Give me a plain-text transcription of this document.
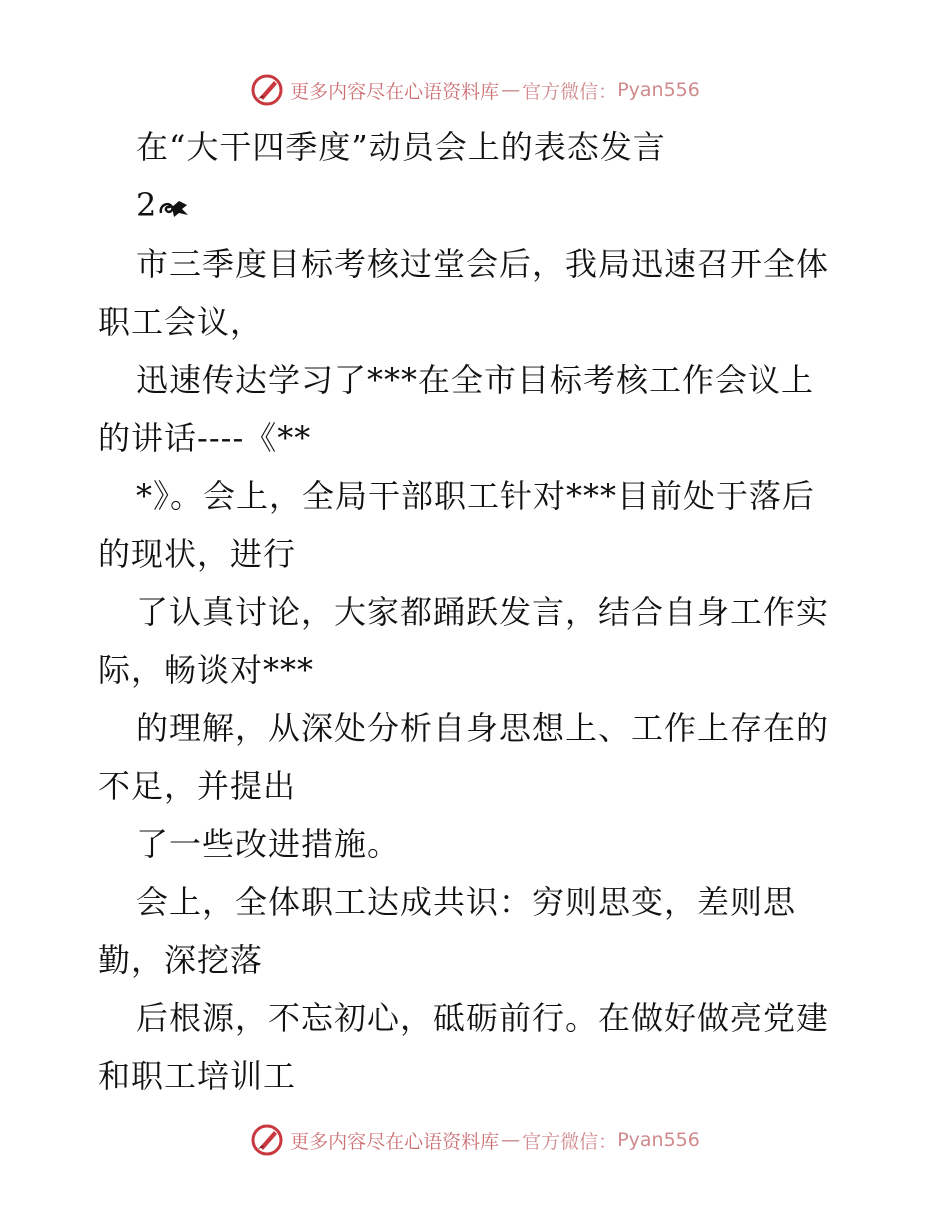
更多内容尽在心语资料库 — 官方微信： Pyan556
在“大干四季度”动员会上的表态发言
2
市三季度目标考核过堂会后，我局迅速召开全体
职工会议，
迅速传达学习了***在全市目标考核工作会议上
的讲话----《**
*》。会上，全局干部职工针对***目前处于落后
的现状，进行
了认真讨论，大家都踊跃发言，结合自身工作实
际，畅谈对***
的理解，从深处分析自身思想上、工作上存在的
不足，并提出
了一些改进措施。
会上，全体职工达成共识：穷则思变，差则思
勤，深挖落
后根源，不忘初心，砥砺前行。在做好做亮党建
和职工培训工
更多内容尽在心语资料库 — 官方微信： Pyan556
